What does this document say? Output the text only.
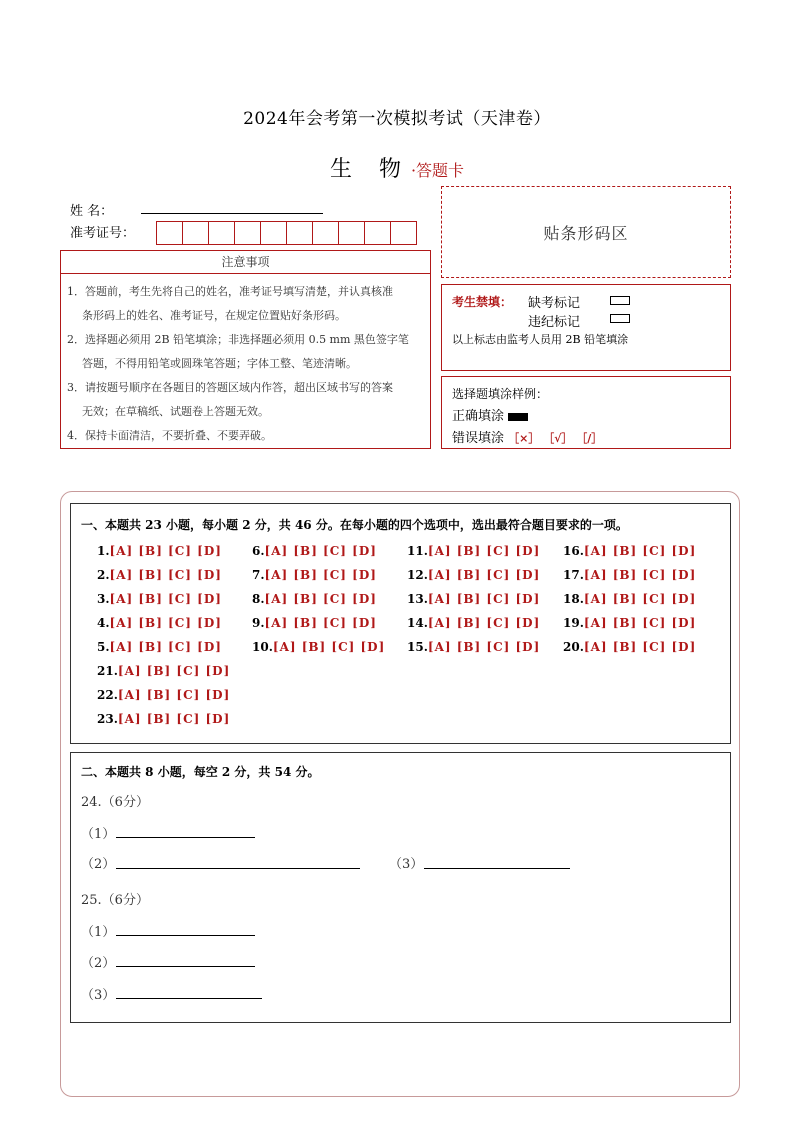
2024年会考第一次模拟考试（天津卷）
生 物·答题卡
姓 名：
准考证号：	贴条形码区
注意事项
1．答题前，考生先将自己的姓名，准考证号填写清楚，并认真核准
条形码上的姓名、准考证号，在规定位置贴好条形码。
2．选择题必须用 2B 铅笔填涂；非选择题必须用 0.5 mm 黑色签字笔
答题，不得用铅笔或圆珠笔答题；字体工整、笔迹清晰。
3．请按题号顺序在各题目的答题区域内作答，超出区域书写的答案
无效；在草稿纸、试题卷上答题无效。
4．保持卡面清洁，不要折叠、不要弄破。
考生禁填： 缺考标记
违纪标记
以上标志由监考人员用 2B 铅笔填涂
选择题填涂样例：
正确填涂
错误填涂 ［×］ ［√］ ［/］
一、本题共 23 小题，每小题 2 分，共 46 分。在每小题的四个选项中，选出最符合题目要求的一项。
1.[A] [B] [C] [D]
2.[A] [B] [C] [D]
3.[A] [B] [C] [D]
4.[A] [B] [C] [D]
5.[A] [B] [C] [D]
6.[A] [B] [C] [D]
7.[A] [B] [C] [D]
8.[A] [B] [C] [D]
9.[A] [B] [C] [D]
10.[A] [B] [C] [D]
11.[A] [B] [C] [D]
12.[A] [B] [C] [D]
13.[A] [B] [C] [D]
14.[A] [B] [C] [D]
15.[A] [B] [C] [D]
16.[A] [B] [C] [D]
17.[A] [B] [C] [D]
18.[A] [B] [C] [D]
19.[A] [B] [C] [D]
20.[A] [B] [C] [D]
21.[A] [B] [C] [D]
22.[A] [B] [C] [D]
23.[A] [B] [C] [D]
二、本题共 8 小题，每空 2 分，共 54 分。
24.（6分）
（1）
（2）	（3）
25.（6分）
（1）
（2）
（3）
